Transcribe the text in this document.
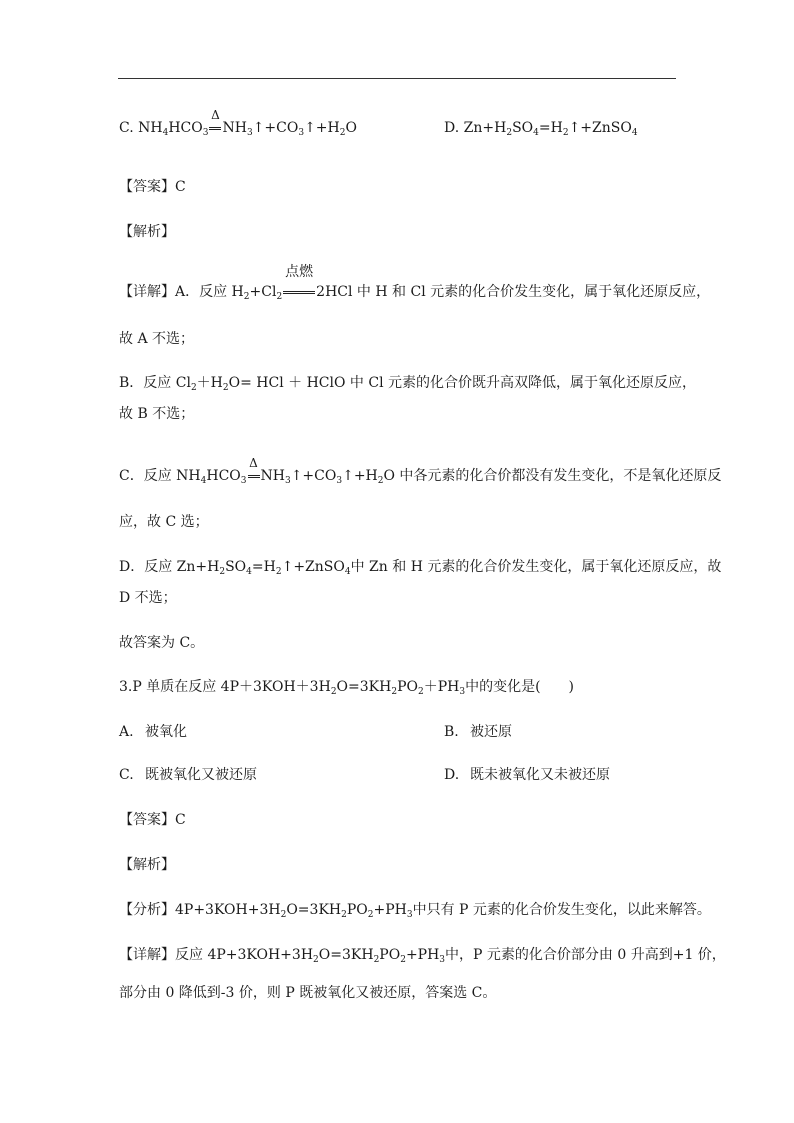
C. $NH_4HCO_3$
Δ
$NH_3↑+CO_3↑+H_2O$	D. $Zn+H_2SO_4=H_2↑+ZnSO_4$
【答案】C
【解析】
【详解】A．反应 $H_2+Cl_2$
点燃
2HCl 中 H 和 Cl 元素的化合价发生变化，属于氧化还原反应，
故 A 不选；
B．反应 $Cl_2+H_2O=$ HCl ＋ HClO 中 Cl 元素的化合价既升高双降低，属于氧化还原反应，
故 B 不选；
C．反应 $NH_4HCO_3$
Δ
$NH_3↑+CO_3↑+H_2O$ 中各元素的化合价都没有发生变化，不是氧化还原反
应，故 C 选；
D．反应 $Zn+H_2SO_4=H_2↑+ZnSO_4$中 Zn 和 H 元素的化合价发生变化，属于氧化还原反应，故
D 不选；
故答案为 C。
3.P 单质在反应 $4P+3KOH+3H_2O=3KH_2PO_2+PH_3$中的变化是(　　)
A. 被氧化	B. 被还原
C. 既被氧化又被还原	D. 既未被氧化又未被还原
【答案】C
【解析】
【分析】$4P+3KOH+3H_2O=3KH_2PO_2+PH_3$中只有 P 元素的化合价发生变化，以此来解答。
【详解】反应 $4P+3KOH+3H_2O=3KH_2PO_2+PH_3$中，P 元素的化合价部分由 0 升高到+1 价，
部分由 0 降低到-3 价，则 P 既被氧化又被还原，答案选 C。
